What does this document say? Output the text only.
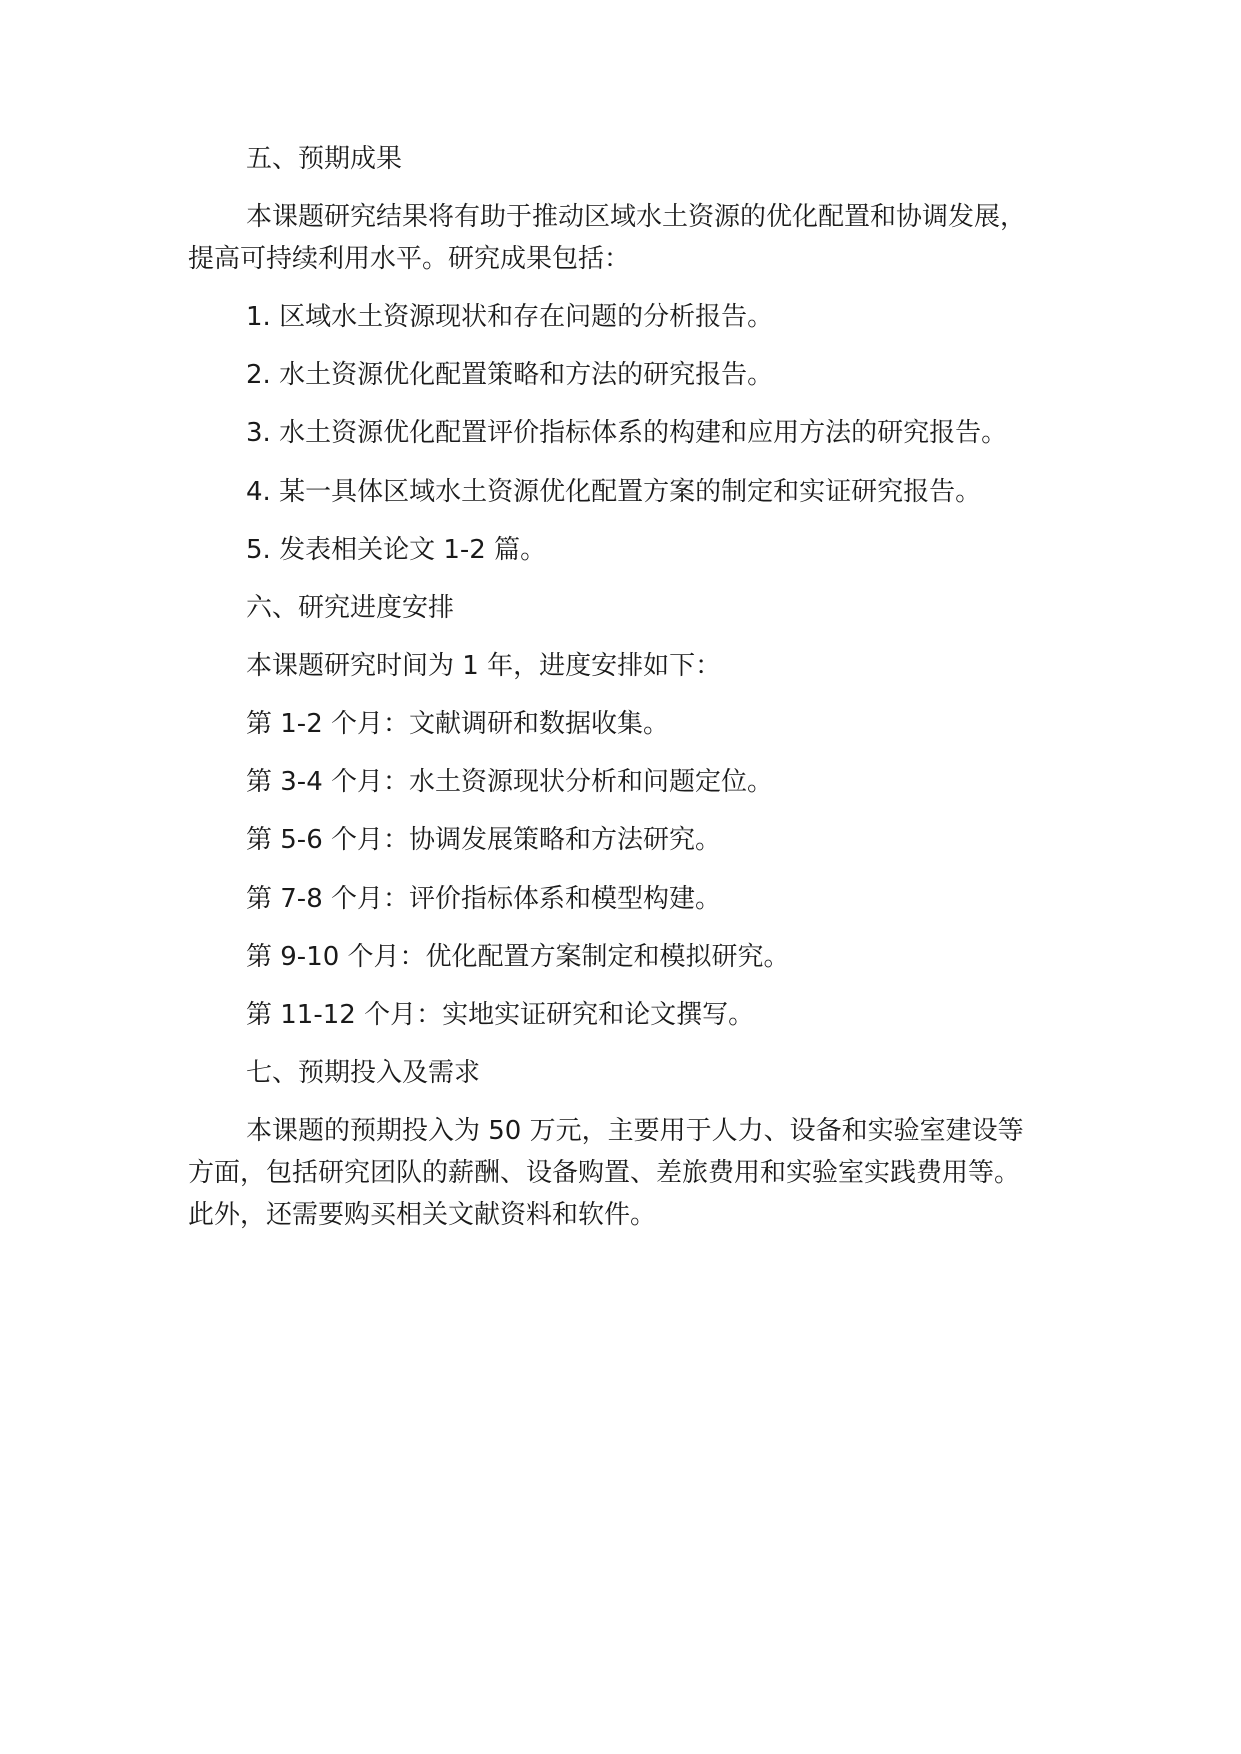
五、预期成果

本课题研究结果将有助于推动区域水土资源的优化配置和协调发展，

提高可持续利用水平。研究成果包括：

1. 区域水土资源现状和存在问题的分析报告。

2. 水土资源优化配置策略和方法的研究报告。

3. 水土资源优化配置评价指标体系的构建和应用方法的研究报告。

4. 某一具体区域水土资源优化配置方案的制定和实证研究报告。

5. 发表相关论文 1-2 篇。

六、研究进度安排

本课题研究时间为 1 年，进度安排如下：

第 1-2 个月：文献调研和数据收集。

第 3-4 个月：水土资源现状分析和问题定位。

第 5-6 个月：协调发展策略和方法研究。

第 7-8 个月：评价指标体系和模型构建。

第 9-10 个月：优化配置方案制定和模拟研究。

第 11-12 个月：实地实证研究和论文撰写。

七、预期投入及需求

本课题的预期投入为 50 万元，主要用于人力、设备和实验室建设等

方面，包括研究团队的薪酬、设备购置、差旅费用和实验室实践费用等。

此外，还需要购买相关文献资料和软件。
